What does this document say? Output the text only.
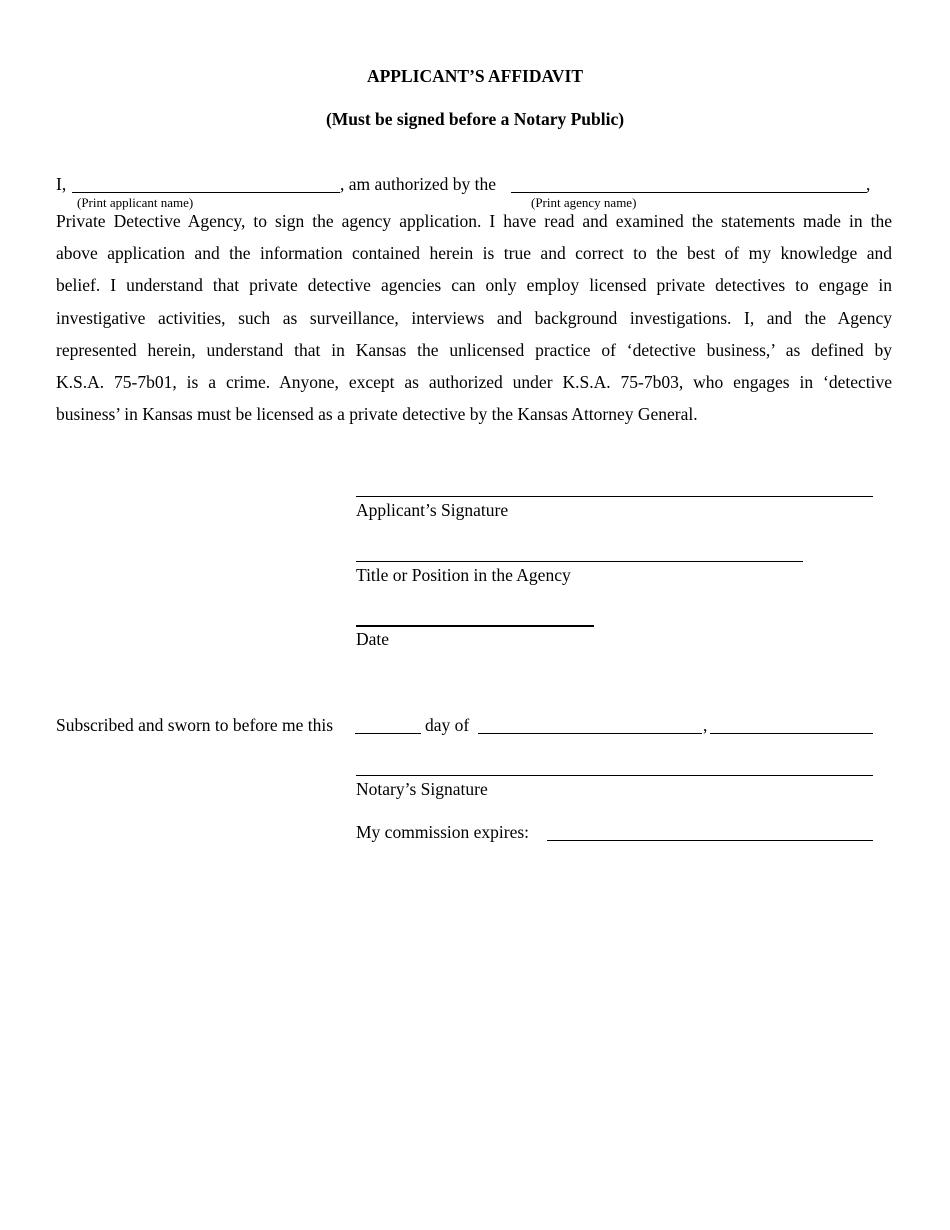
APPLICANT’S AFFIDAVIT
(Must be signed before a Notary Public)
I,	, am authorized by the	,
(Print applicant name)	(Print agency name)
Private Detective Agency, to sign the agency application. I have read and examined the statements made in the
above application and the information contained herein is true and correct to the best of my knowledge and
belief. I understand that private detective agencies can only employ licensed private detectives to engage in
investigative activities, such as surveillance, interviews and background investigations. I, and the Agency
represented herein, understand that in Kansas the unlicensed practice of ‘detective business,’ as defined by
K.S.A. 75-7b01, is a crime. Anyone, except as authorized under K.S.A. 75-7b03, who engages in ‘detective
business’ in Kansas must be licensed as a private detective by the Kansas Attorney General.
Applicant’s Signature
Title or Position in the Agency
Date
Subscribed and sworn to before me this	day of	,
Notary’s Signature
My commission expires:
